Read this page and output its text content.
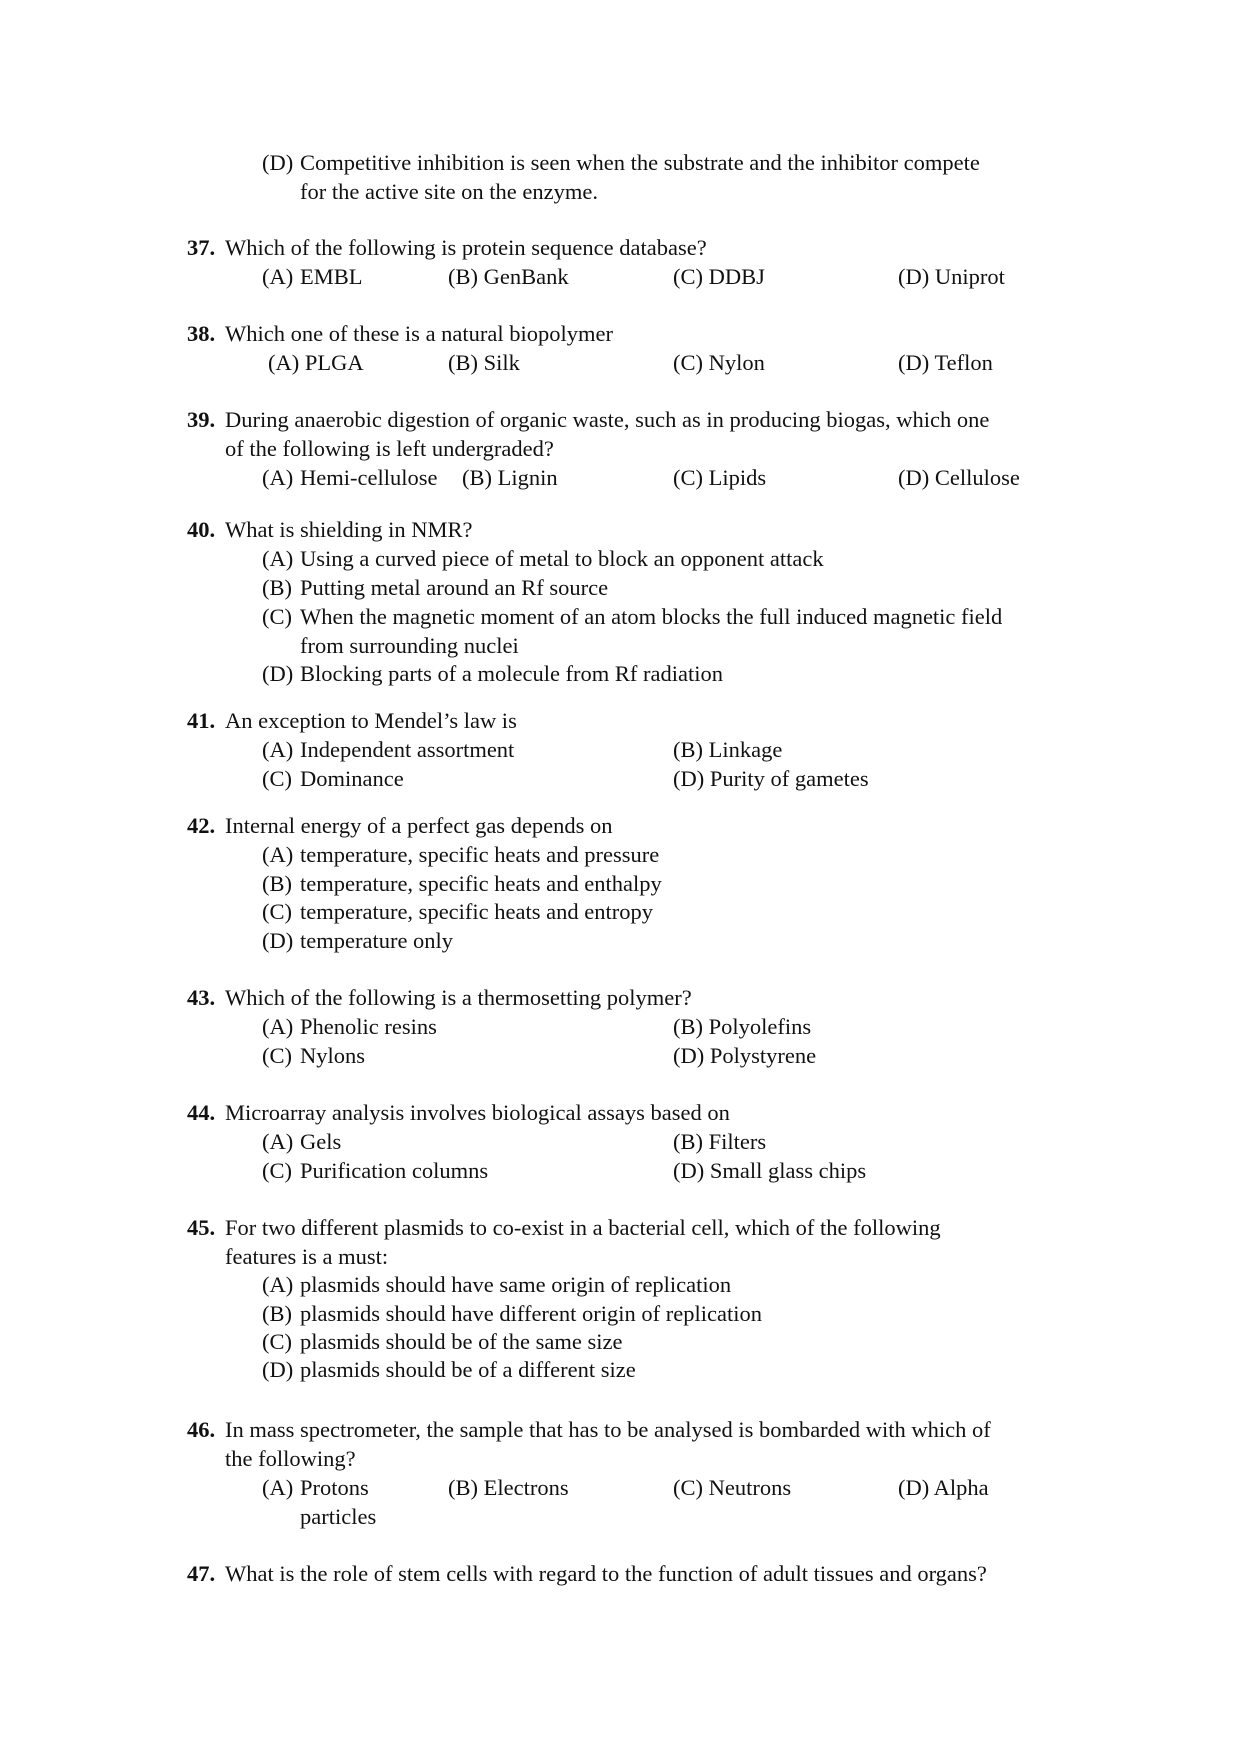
(D) Competitive inhibition is seen when the substrate and the inhibitor compete
for the active site on the enzyme.
37. Which of the following is protein sequence database?
(A) EMBL	(B) GenBank	(C) DDBJ	(D) Uniprot
38. Which one of these is a natural biopolymer
(A) PLGA	(B) Silk	(C) Nylon	(D) Teflon
39. During anaerobic digestion of organic waste, such as in producing biogas, which one
of the following is left undergraded?
(A) Hemi-cellulose (B) Lignin	(C) Lipids	(D) Cellulose
40. What is shielding in NMR?
(A) Using a curved piece of metal to block an opponent attack
(B) Putting metal around an Rf source
(C) When the magnetic moment of an atom blocks the full induced magnetic field
from surrounding nuclei
(D) Blocking parts of a molecule from Rf radiation
41. An exception to Mendel’s law is
(A) Independent assortment	(B) Linkage
(C) Dominance	(D) Purity of gametes
42. Internal energy of a perfect gas depends on
(A) temperature, specific heats and pressure
(B) temperature, specific heats and enthalpy
(C) temperature, specific heats and entropy
(D) temperature only
43. Which of the following is a thermosetting polymer?
(A) Phenolic resins	(B) Polyolefins
(C) Nylons	(D) Polystyrene
44. Microarray analysis involves biological assays based on
(A) Gels	(B) Filters
(C) Purification columns	(D) Small glass chips
45. For two different plasmids to co-exist in a bacterial cell, which of the following
features is a must:
(A) plasmids should have same origin of replication
(B) plasmids should have different origin of replication
(C) plasmids should be of the same size
(D) plasmids should be of a different size
46. In mass spectrometer, the sample that has to be analysed is bombarded with which of
the following?
(A) Protons	(B) Electrons	(C) Neutrons	(D) Alpha
particles
47. What is the role of stem cells with regard to the function of adult tissues and organs?
